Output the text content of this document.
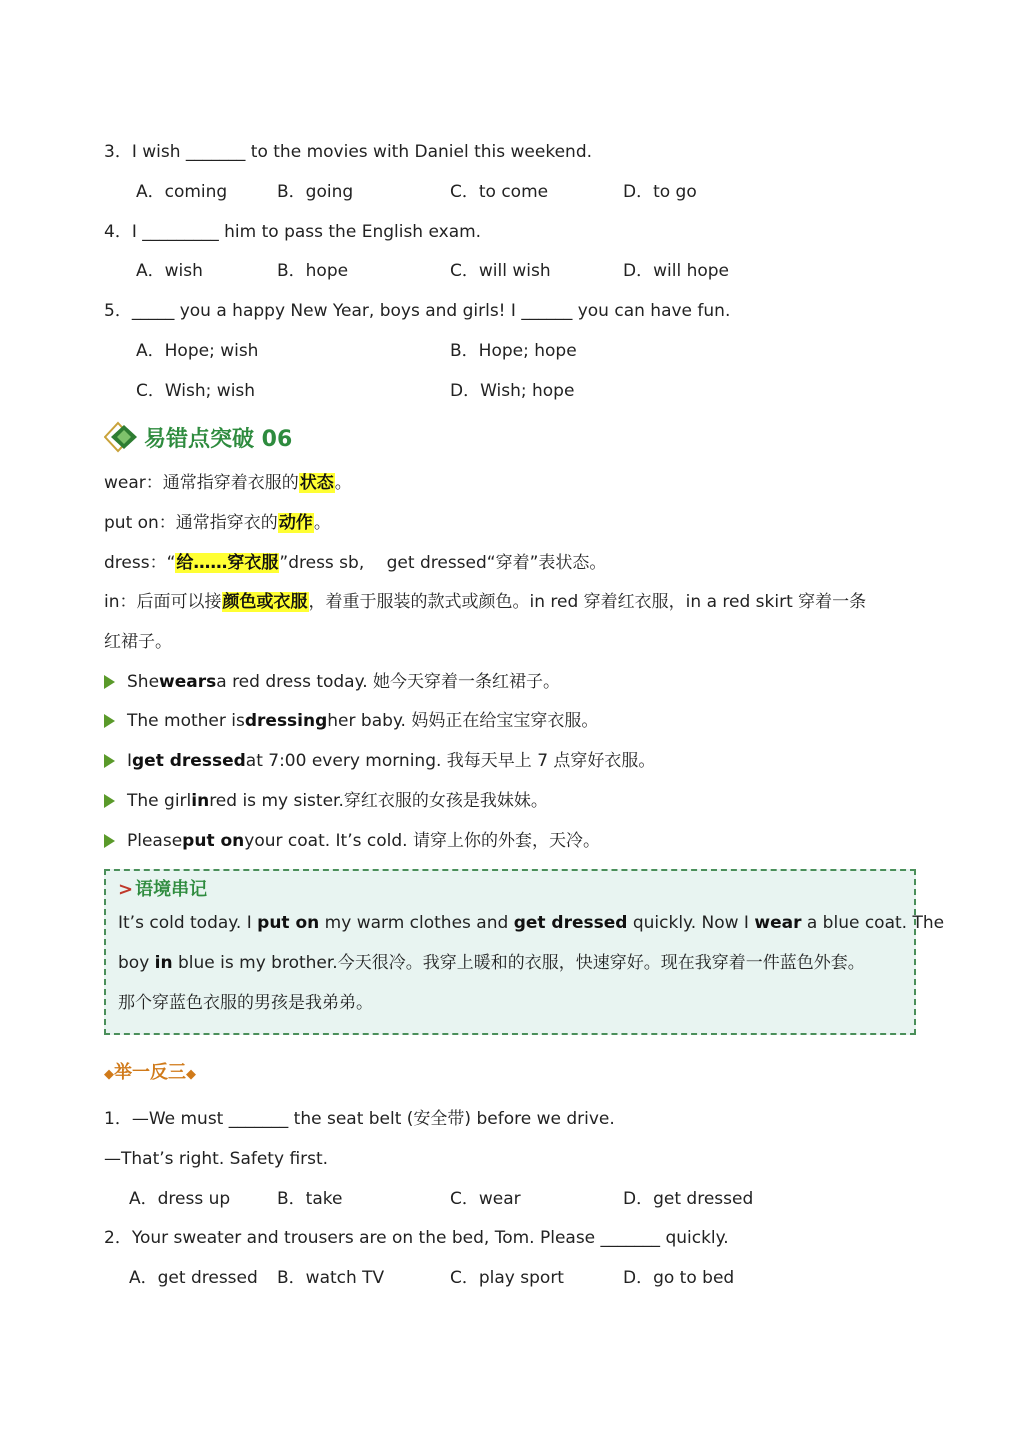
3．I wish _______ to the movies with Daniel this weekend.
A．coming	B．going	C．to come	D．to go
4．I _________ him to pass the English exam.
A．wish	B．hope	C．will wish	D．will hope
5．_____ you a happy New Year, boys and girls! I ______ you can have fun.
A．Hope; wish	B．Hope; hope
C．Wish; wish	D．Wish; hope
易错点突破 06
wear：通常指穿着衣服的状态。
put on：通常指穿衣的动作。
dress：“给……穿衣服”dress sb,　 get dressed“穿着”表状态。
in：后面可以接颜色或衣服，着重于服装的款式或颜色。in red 穿着红衣服，in a red skirt 穿着一条
红裙子。
She wears a red dress today. 她今天穿着一条红裙子。
The mother is dressing her baby. 妈妈正在给宝宝穿衣服。
I get dressed at 7:00 every morning. 我每天早上 7 点穿好衣服。
The girl in red is my sister.穿红衣服的女孩是我妹妹。
Please put on your coat. It’s cold. 请穿上你的外套，天冷。
> 语境串记
It’s cold today. I put on my warm clothes and get dressed quickly. Now I wear a blue coat. The
boy in blue is my brother.今天很冷。我穿上暖和的衣服，快速穿好。现在我穿着一件蓝色外套。
那个穿蓝色衣服的男孩是我弟弟。
◆举一反三◆
1．—We must _______ the seat belt (安全带) before we drive.
—That’s right. Safety first.
A．dress up	B．take	C．wear	D．get dressed
2．Your sweater and trousers are on the bed, Tom. Please _______ quickly.
A．get dressed B．watch TV	C．play sport	D．go to bed
